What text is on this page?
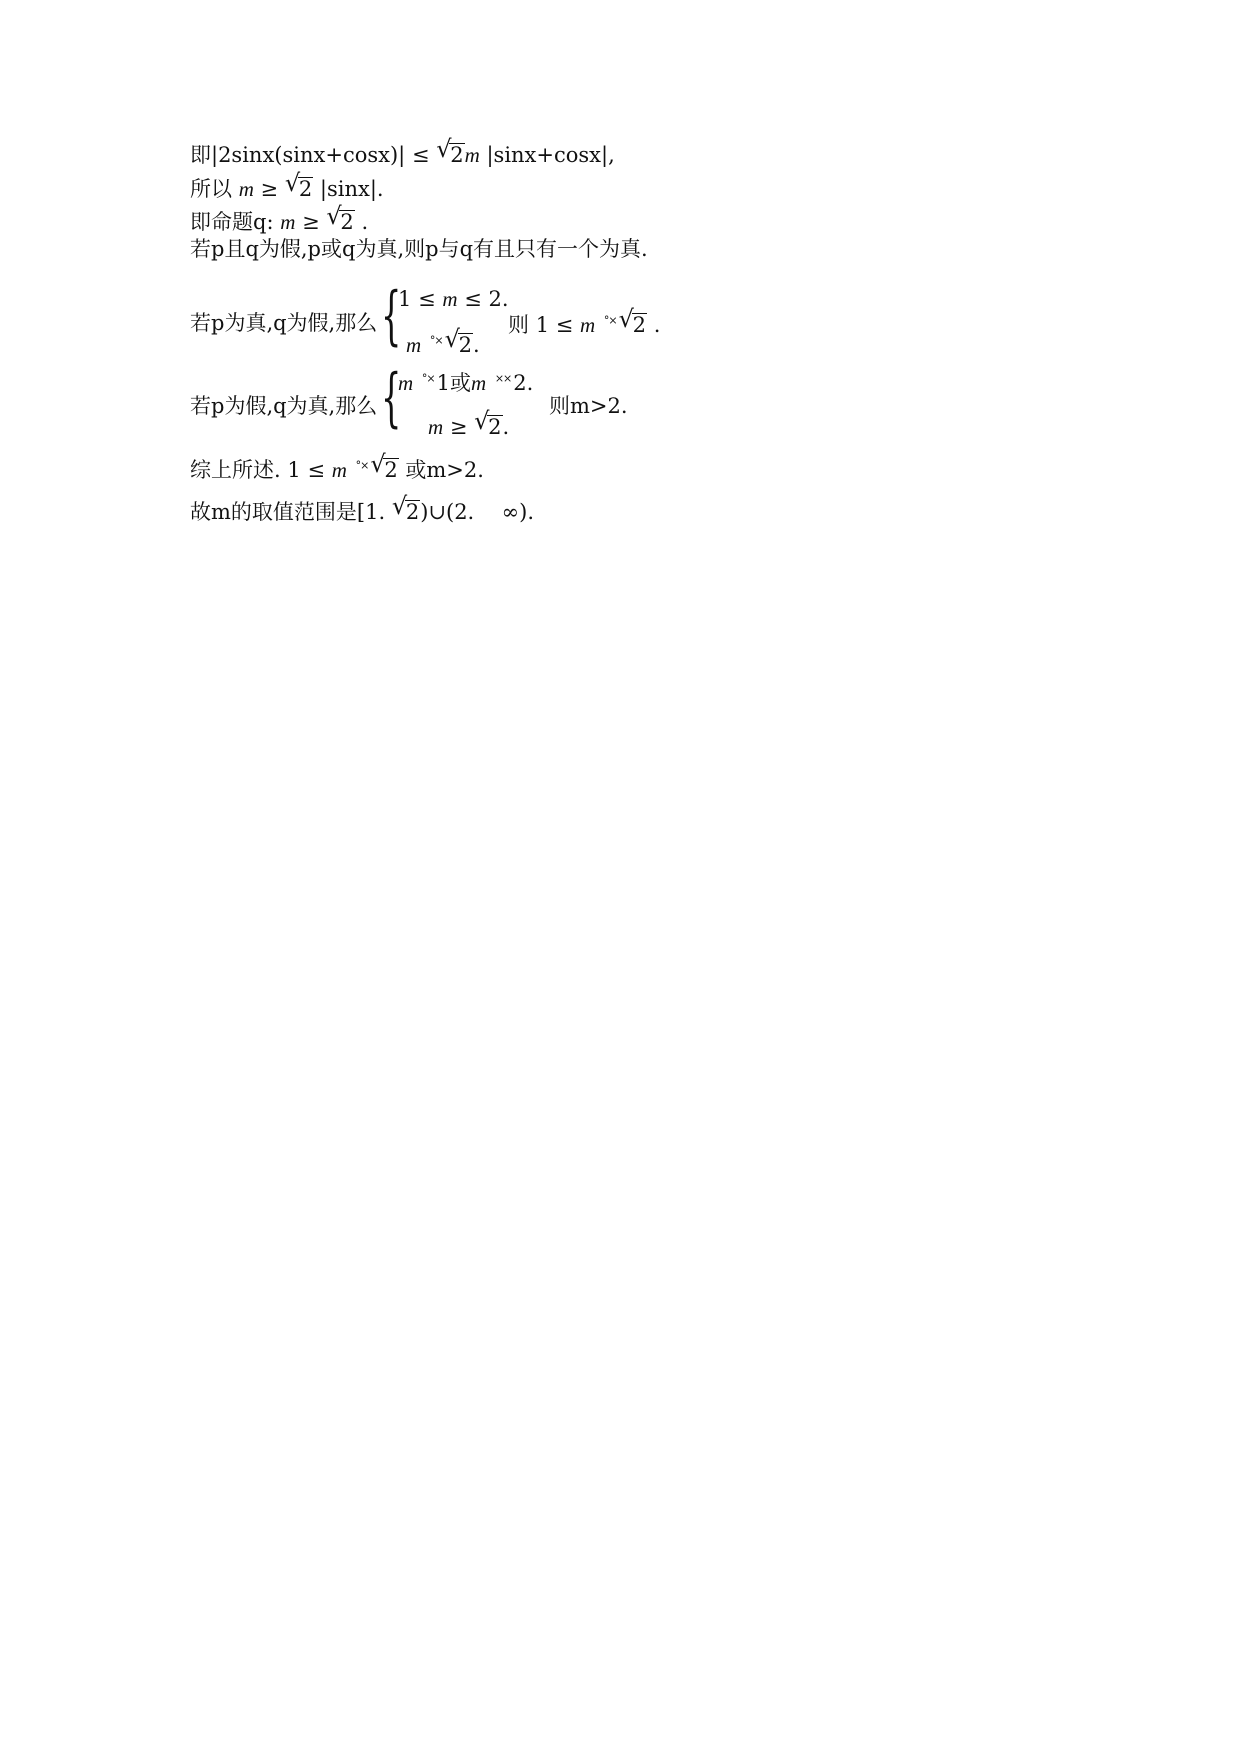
即|2sinx(sinx+cosx)| ≤ √
2m |sinx+cosx|,
所以 m ≥ √
2 |sinx|.
即命题q: m ≥ √
2 .
若p且q为假,p或q为真,则p与q有且只有一个为真.
若p为真,q为假,那么 {
1 ≤ m ≤ 2.
m °× √
2.
则 1 ≤ m °× √
2 .
若p为假,q为真,那么 {
m °×1或m ××2.
m ≥ √
2.
则m>2.
综上所述. 1 ≤ m °× √
2 或m>2.
故m的取值范围是[1. √
2)∪(2. ∞).
